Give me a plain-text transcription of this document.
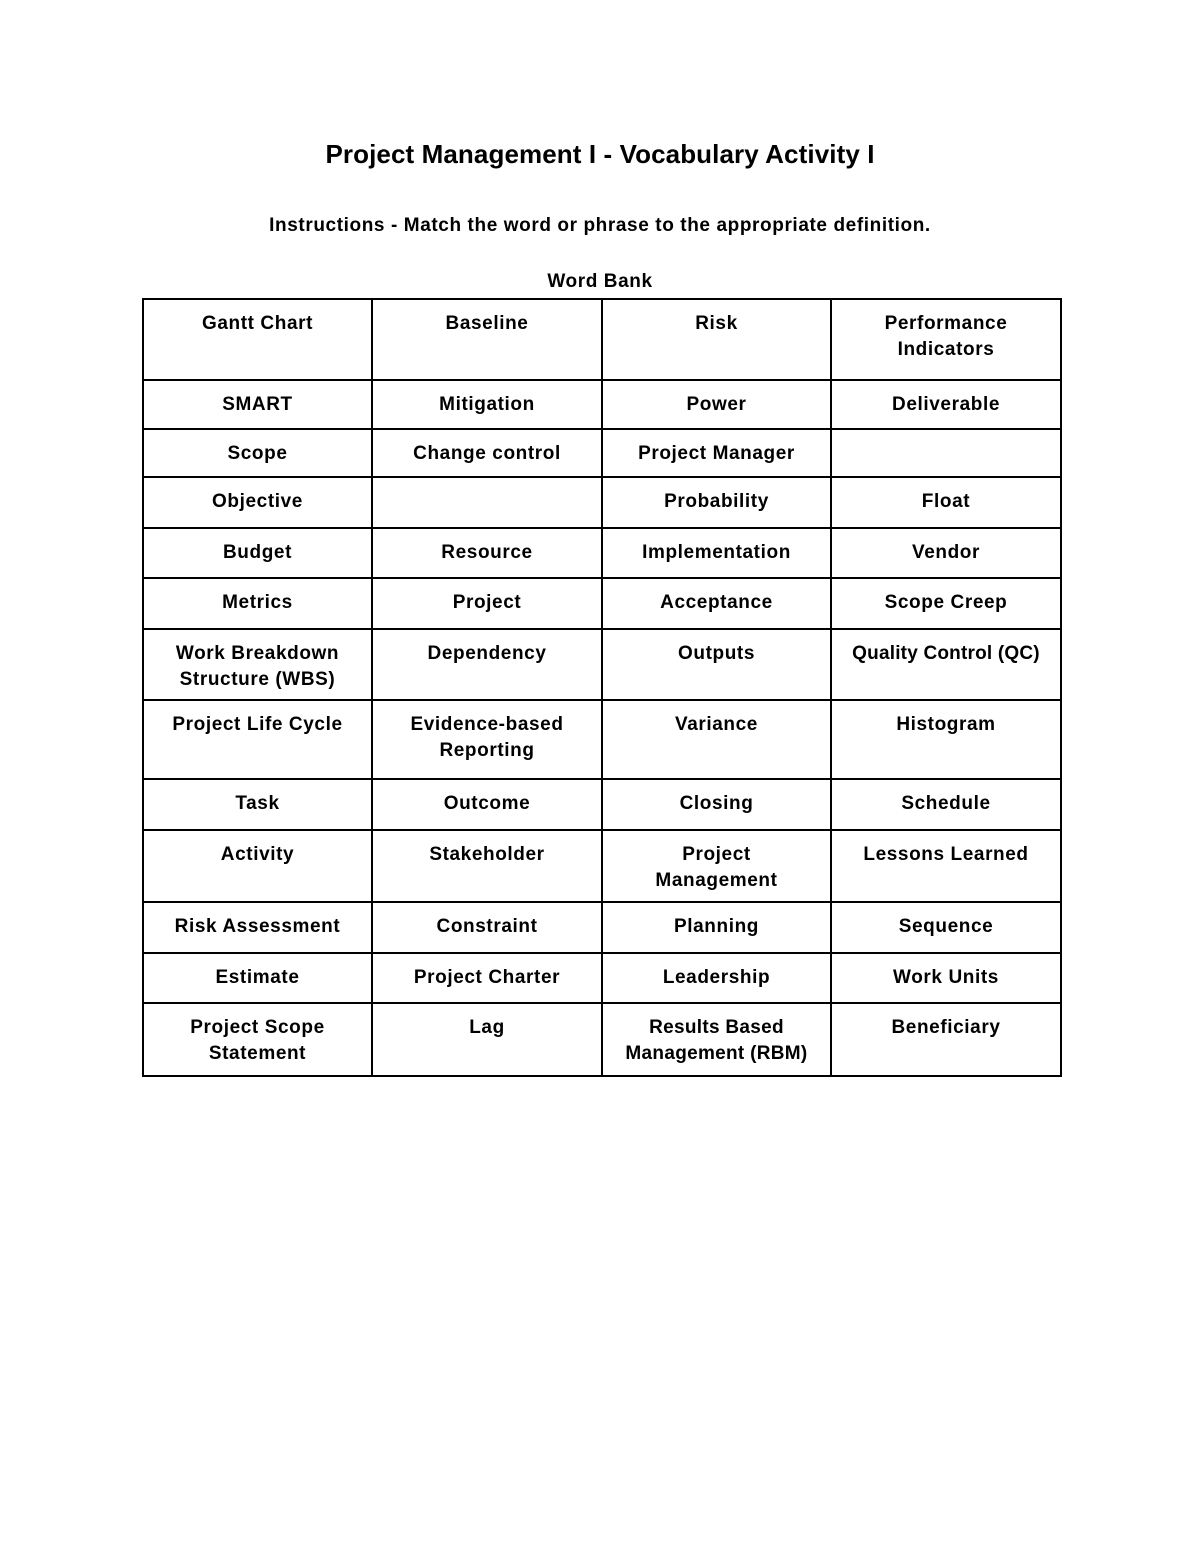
Project Management I - Vocabulary Activity I
Instructions - Match the word or phrase to the appropriate definition.
Word Bank
Gantt Chart	Baseline	Risk	Performance Indicators
SMART	Mitigation	Power	Deliverable
Scope	Change control	Project Manager	
Objective		Probability	Float
Budget	Resource	Implementation	Vendor
Metrics	Project	Acceptance	Scope Creep
Work Breakdown Structure (WBS)	Dependency	Outputs	Quality Control (QC)
Project Life Cycle	Evidence-based Reporting	Variance	Histogram
Task	Outcome	Closing	Schedule
Activity	Stakeholder	Project Management	Lessons Learned
Risk Assessment	Constraint	Planning	Sequence
Estimate	Project Charter	Leadership	Work Units
Project Scope Statement	Lag	Results Based Management (RBM)	Beneficiary
